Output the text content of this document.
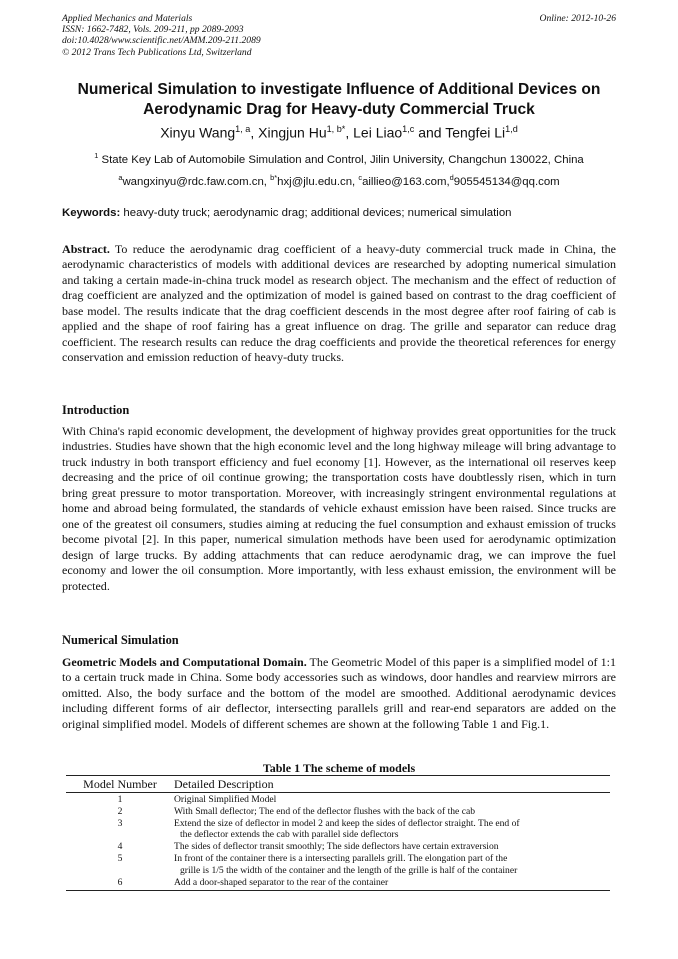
Applied Mechanics and Materials
ISSN: 1662-7482, Vols. 209-211, pp 2089-2093
doi:10.4028/www.scientific.net/AMM.209-211.2089
© 2012 Trans Tech Publications Ltd, Switzerland
Online: 2012-10-26
Numerical Simulation to investigate Influence of Additional Devices on
Aerodynamic Drag for Heavy-duty Commercial Truck
Xinyu Wang$^{1, a}$, Xingjun $Hu^{1, b*}$, Lei Liao$^{1,c}$ and Tengfei Li$^{1,d}$
$^1$ State Key Lab of Automobile Simulation and Control, Jilin University, Changchun 130022, China
$^a$wangxinyu@rdc.faw.com.cn, $^{b*}$hxj@jlu.edu.cn, $^c$aillieo@163.com,$^d$905545134@qq.com
Keywords: heavy-duty truck; aerodynamic drag; additional devices; numerical simulation
Abstract. To reduce the aerodynamic drag coefficient of a heavy-duty commercial truck made in China, the aerodynamic characteristics of models with additional devices are researched by adopting numerical simulation and taking a certain made-in-china truck model as research object. The mechanism and the effect of reduction of drag coefficient are analyzed and the optimization of model is gained based on contrast to the drag coefficient of base model. The results indicate that the drag coefficient descends in the most degree after roof fairing of cab is applied and the shape of roof fairing has a great influence on drag. The grille and separator can reduce drag coefficient. The research results can reduce the drag coefficients and provide the theoretical references for energy conservation and emission reduction of heavy-duty trucks.
Introduction
With China's rapid economic development, the development of highway provides great opportunities for the truck industries. Studies have shown that the high economic level and the long highway mileage will bring advantage to truck industry in both transport efficiency and fuel economy [1]. However, as the international oil reserves keep decreasing and the price of oil continue growing; the transportation costs have doubtlessly risen, which in turn bring great pressure to motor transportation. Moreover, with increasingly stringent environmental regulations at home and abroad being formulated, the standards of vehicle exhaust emission have been raised. Since trucks are one of the greatest oil consumers, studies aiming at reducing the fuel consumption and exhaust emission of trucks become pivotal [2]. In this paper, numerical simulation methods have been used for aerodynamic optimization design of large trucks. By adding attachments that can reduce aerodynamic drag, we can improve the fuel economy and lower the oil consumption. More importantly, with less exhaust emission, the environment will be protected.
Numerical Simulation
Geometric Models and Computational Domain. The Geometric Model of this paper is a simplified model of 1:1 to a certain truck made in China. Some body accessories such as windows, door handles and rearview mirrors are omitted. Also, the body surface and the bottom of the model are smoothed. Additional aerodynamic devices including different forms of air deflector, intersecting parallels grill and rear-end separators are added on the original simplified model. Models of different schemes are shown at the following Table 1 and Fig.1.
Table 1 The scheme of models
Model Number	Detailed Description
1	Original Simplified Model
2	With Small deflector; The end of the deflector flushes with the back of the cab
3	Extend the size of deflector in model 2 and keep the sides of deflector straight. The end of
the deflector extends the cab with parallel side deflectors
4	The sides of deflector transit smoothly; The side deflectors have certain extraversion
5	In front of the container there is a intersecting parallels grill. The elongation part of the
grille is 1/5 the width of the container and the length of the grille is half of the container
6	Add a door-shaped separator to the rear of the container
